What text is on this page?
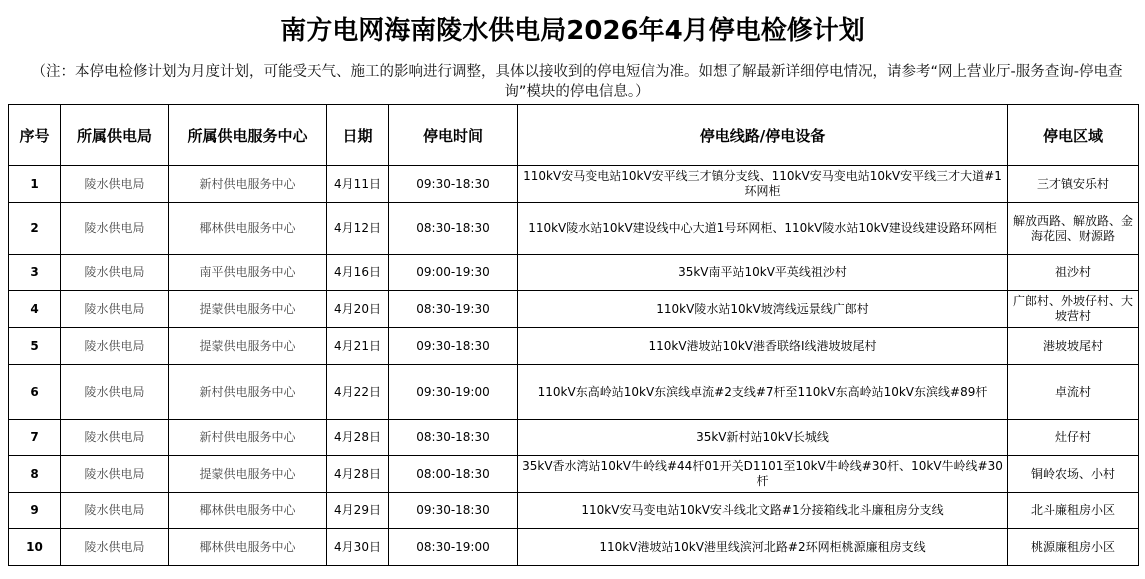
南方电网海南陵水供电局2026年4月停电检修计划
（注：本停电检修计划为月度计划，可能受天气、施工的影响进行调整，具体以接收到的停电短信为准。如想了解最新详细停电情况，请参考“网上营业厅-服务查询-停电查询”模块的停电信息。）
序号	所属供电局	所属供电服务中心	日期	停电时间	停电线路/停电设备	停电区域
1	陵水供电局	新村供电服务中心	4月11日	09:30-18:30	110kV安马变电站10kV安平线三才镇分支线、110kV安马变电站10kV安平线三才大道#1环网柜	三才镇安乐村
2	陵水供电局	椰林供电服务中心	4月12日	08:30-18:30	110kV陵水站10kV建设线中心大道1号环网柜、110kV陵水站10kV建设线建设路环网柜	解放西路、解放路、金海花园、财源路
3	陵水供电局	南平供电服务中心	4月16日	09:00-19:30	35kV南平站10kV平英线祖沙村	祖沙村
4	陵水供电局	提蒙供电服务中心	4月20日	08:30-19:30	110kV陵水站10kV坡湾线远景线广郎村	广郎村、外坡仔村、大坡营村
5	陵水供电局	提蒙供电服务中心	4月21日	09:30-18:30	110kV港坡站10kV港香联络I线港坡坡尾村	港坡坡尾村
6	陵水供电局	新村供电服务中心	4月22日	09:30-19:00	110kV东高岭站10kV东滨线卓流#2支线#7杆至110kV东高岭站10kV东滨线#89杆	卓流村
7	陵水供电局	新村供电服务中心	4月28日	08:30-18:30	35kV新村站10kV长城线	灶仔村
8	陵水供电局	提蒙供电服务中心	4月28日	08:00-18:30	35kV香水湾站10kV牛岭线#44杆01开关D1101至10kV牛岭线#30杆、10kV牛岭线#30杆	铜岭农场、小村
9	陵水供电局	椰林供电服务中心	4月29日	09:30-18:30	110kV安马变电站10kV安斗线北文路#1分接箱线北斗廉租房分支线	北斗廉租房小区
10	陵水供电局	椰林供电服务中心	4月30日	08:30-19:00	110kV港坡站10kV港里线滨河北路#2环网柜桃源廉租房支线	桃源廉租房小区
